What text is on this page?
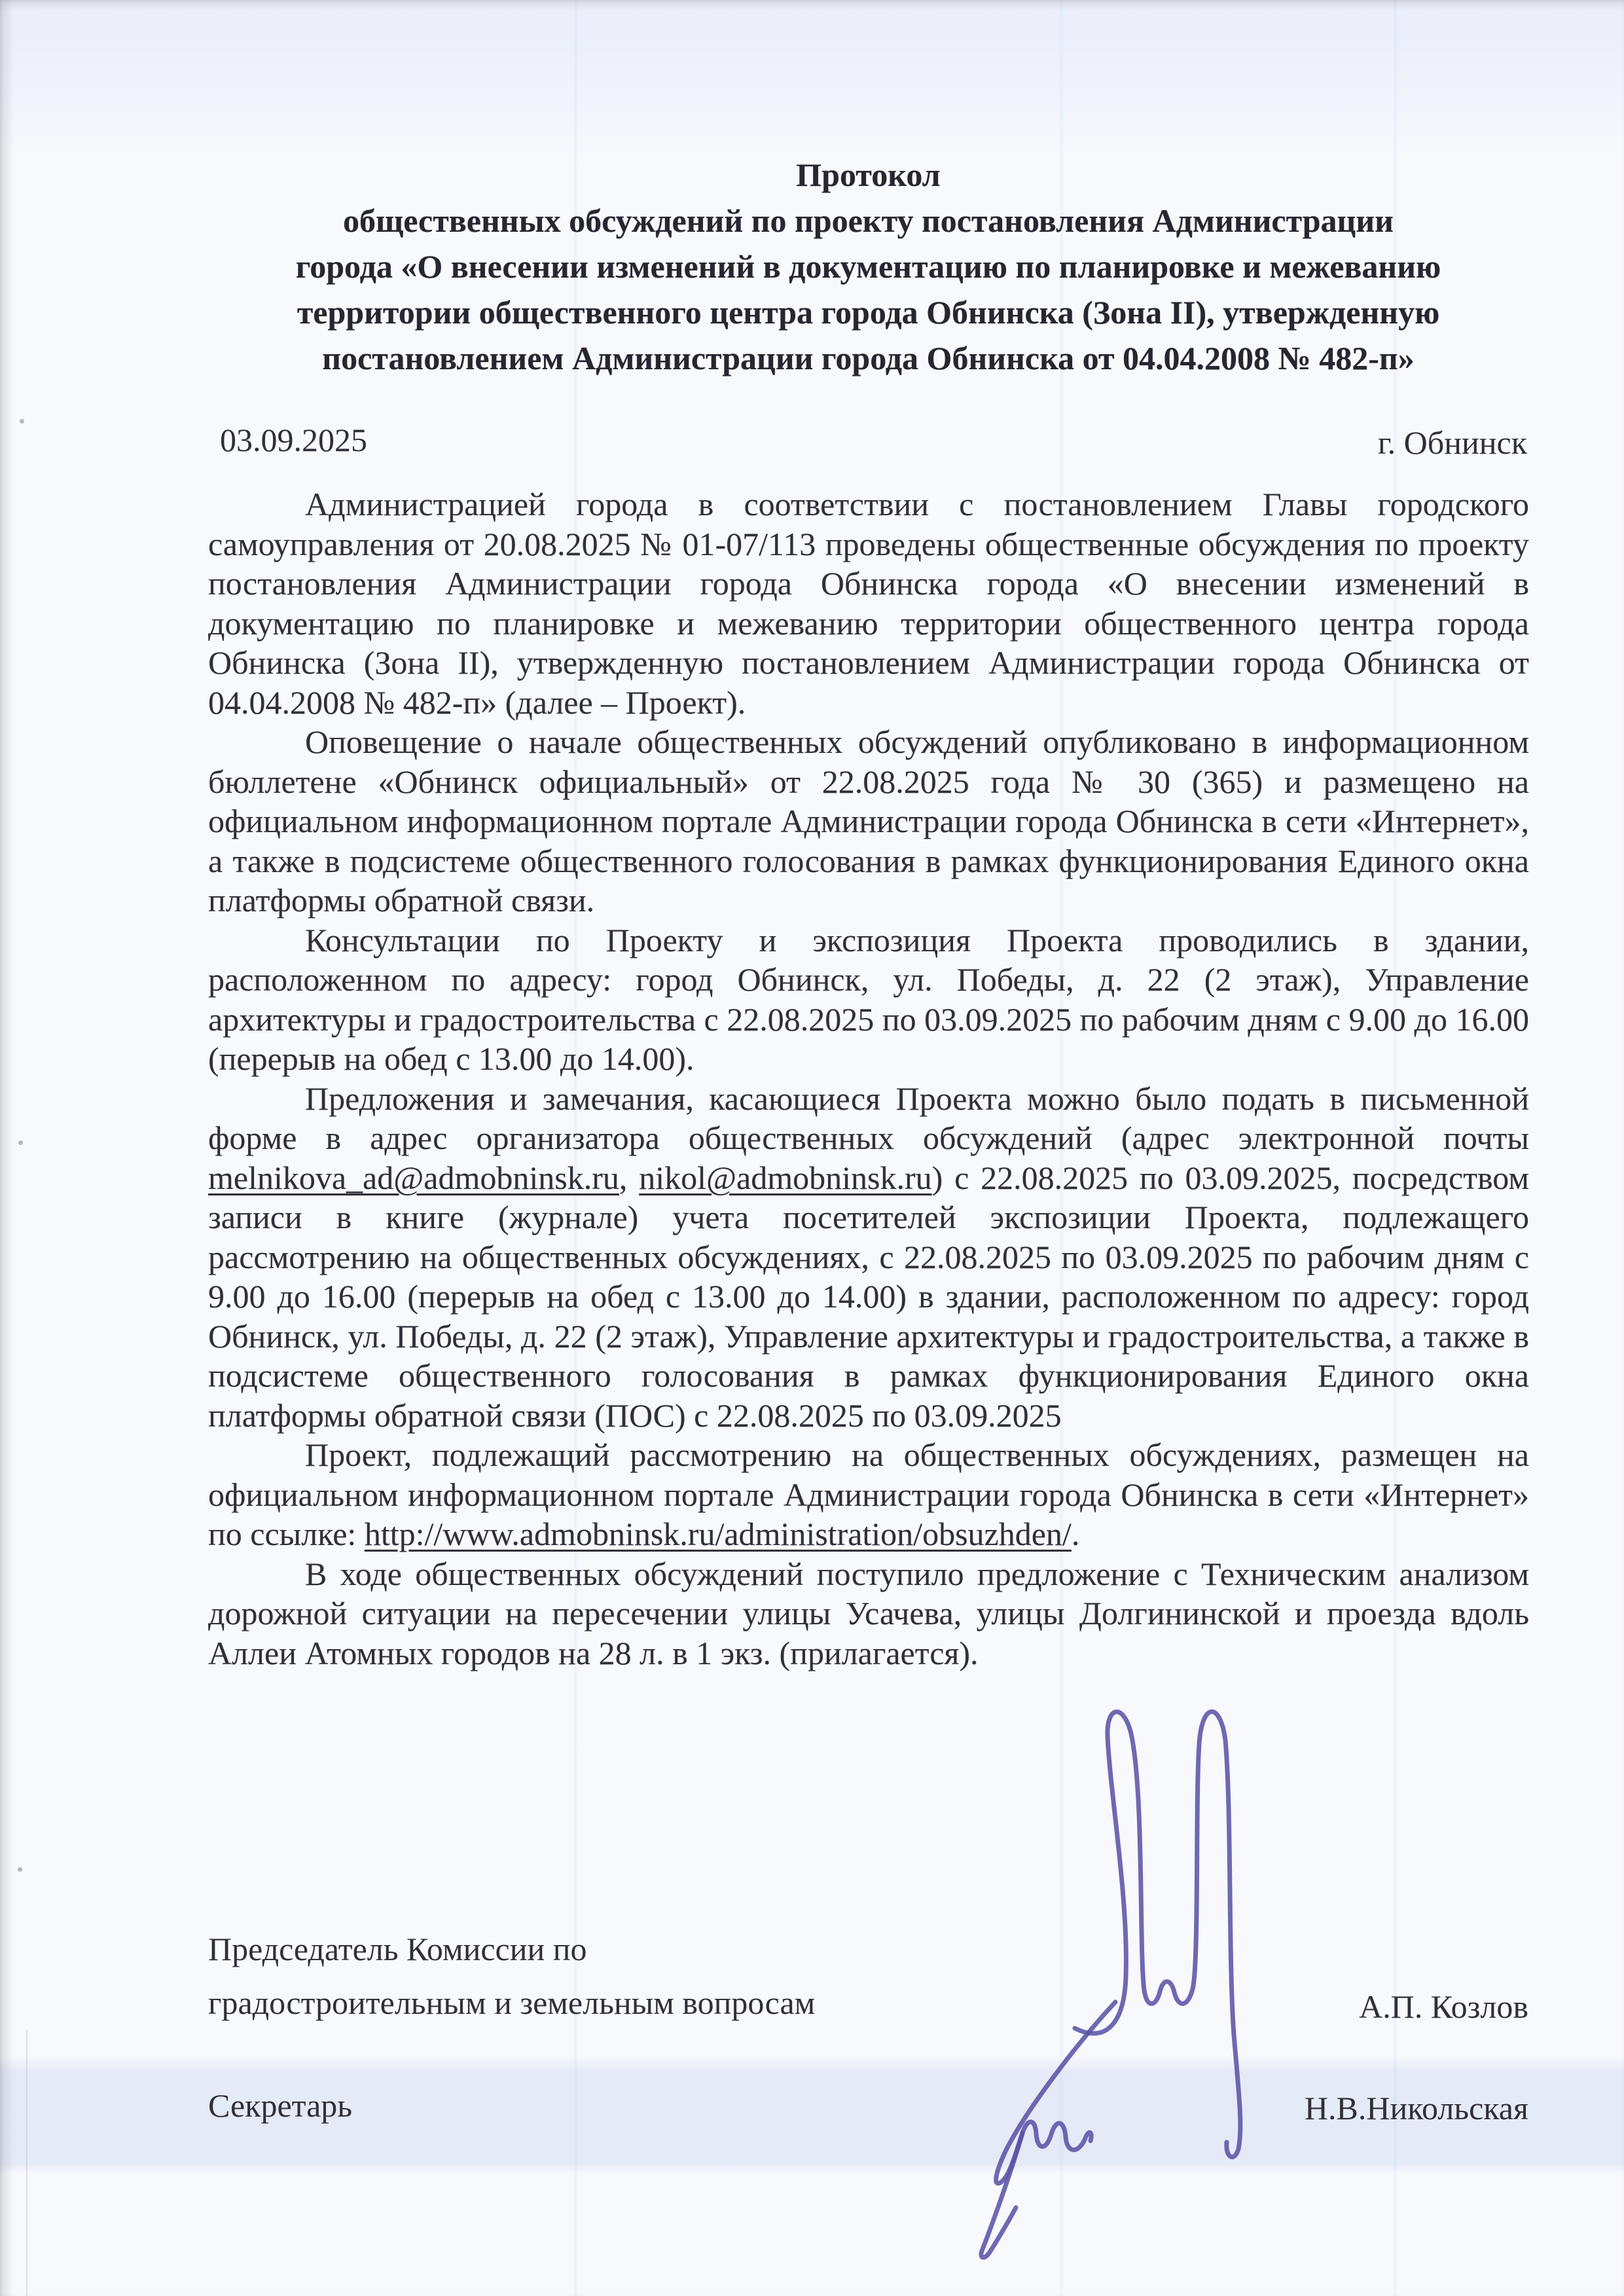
Протокол
общественных обсуждений по проекту постановления Администрации
города «О внесении изменений в документацию по планировке и межеванию
территории общественного центра города Обнинска (Зона II), утвержденную
постановлением Администрации города Обнинска от 04.04.2008 № 482-п»
03.09.2025	г. Обнинск

Администрацией города в соответствии с постановлением Главы городского самоуправления от 20.08.2025 № 01-07/113 проведены общественные обсуждения по проекту постановления Администрации города Обнинска города «О внесении изменений в документацию по планировке и межеванию территории общественного центра города Обнинска (Зона II), утвержденную постановлением Администрации города Обнинска от 04.04.2008 № 482-п» (далее – Проект).

Оповещение о начале общественных обсуждений опубликовано в информационном бюллетене «Обнинск официальный» от 22.08.2025 года № 30 (365) и размещено на официальном информационном портале Администрации города Обнинска в сети «Интернет», а также в подсистеме общественного голосования в рамках функционирования Единого окна платформы обратной связи.

Консультации по Проекту и экспозиция Проекта проводились в здании, расположенном по адресу: город Обнинск, ул. Победы, д. 22 (2 этаж), Управление архитектуры и градостроительства с 22.08.2025 по 03.09.2025 по рабочим дням с 9.00 до 16.00 (перерыв на обед с 13.00 до 14.00).

Предложения и замечания, касающиеся Проекта можно было подать в письменной форме в адрес организатора общественных обсуждений (адрес электронной почты melnikova_ad@admobninsk.ru, nikol@admobninsk.ru) с 22.08.2025 по 03.09.2025, посредством записи в книге (журнале) учета посетителей экспозиции Проекта, подлежащего рассмотрению на общественных обсуждениях, с 22.08.2025 по 03.09.2025 по рабочим дням с 9.00 до 16.00 (перерыв на обед с 13.00 до 14.00) в здании, расположенном по адресу: город Обнинск, ул. Победы, д. 22 (2 этаж), Управление архитектуры и градостроительства, а также в подсистеме общественного голосования в рамках функционирования Единого окна платформы обратной связи (ПОС) с 22.08.2025 по 03.09.2025

Проект, подлежащий рассмотрению на общественных обсуждениях, размещен на официальном информационном портале Администрации города Обнинска в сети «Интернет» по ссылке: http://www.admobninsk.ru/administration/obsuzhden/.

В ходе общественных обсуждений поступило предложение с Техническим анализом дорожной ситуации на пересечении улицы Усачева, улицы Долгининской и проезда вдоль Аллеи Атомных городов на 28 л. в 1 экз. (прилагается).

Председатель Комиссии по
градостроительным и земельным вопросам	А.П. Козлов
Секретарь	Н.В.Никольская
